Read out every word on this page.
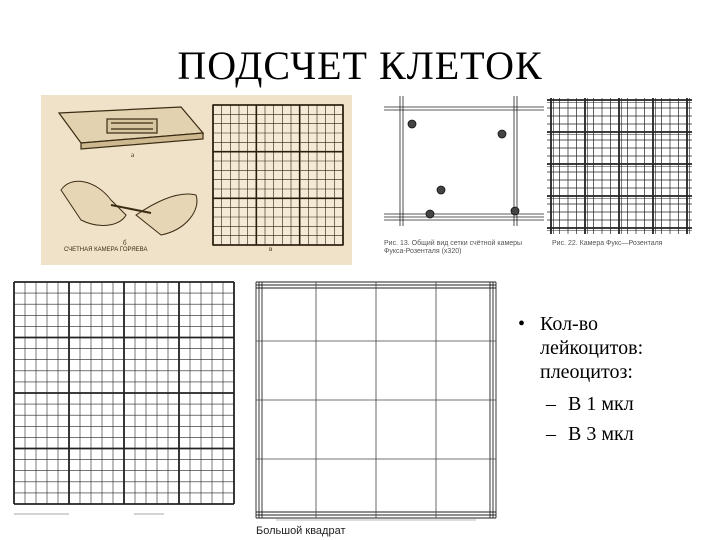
ПОДСЧЕТ КЛЕТОК
а
б
в
СЧЕТНАЯ КАМЕРА ГОРЯЕВА
Рис. 13. Общий вид сетки счётной камеры Фукса-Розенталя (x320)
Рис. 22. Камера Фукс—Розенталя
Большой квадрат
• Кол-во
лейкоцитов:
плеоцитоз:
– В 1 мкл
– В 3 мкл
